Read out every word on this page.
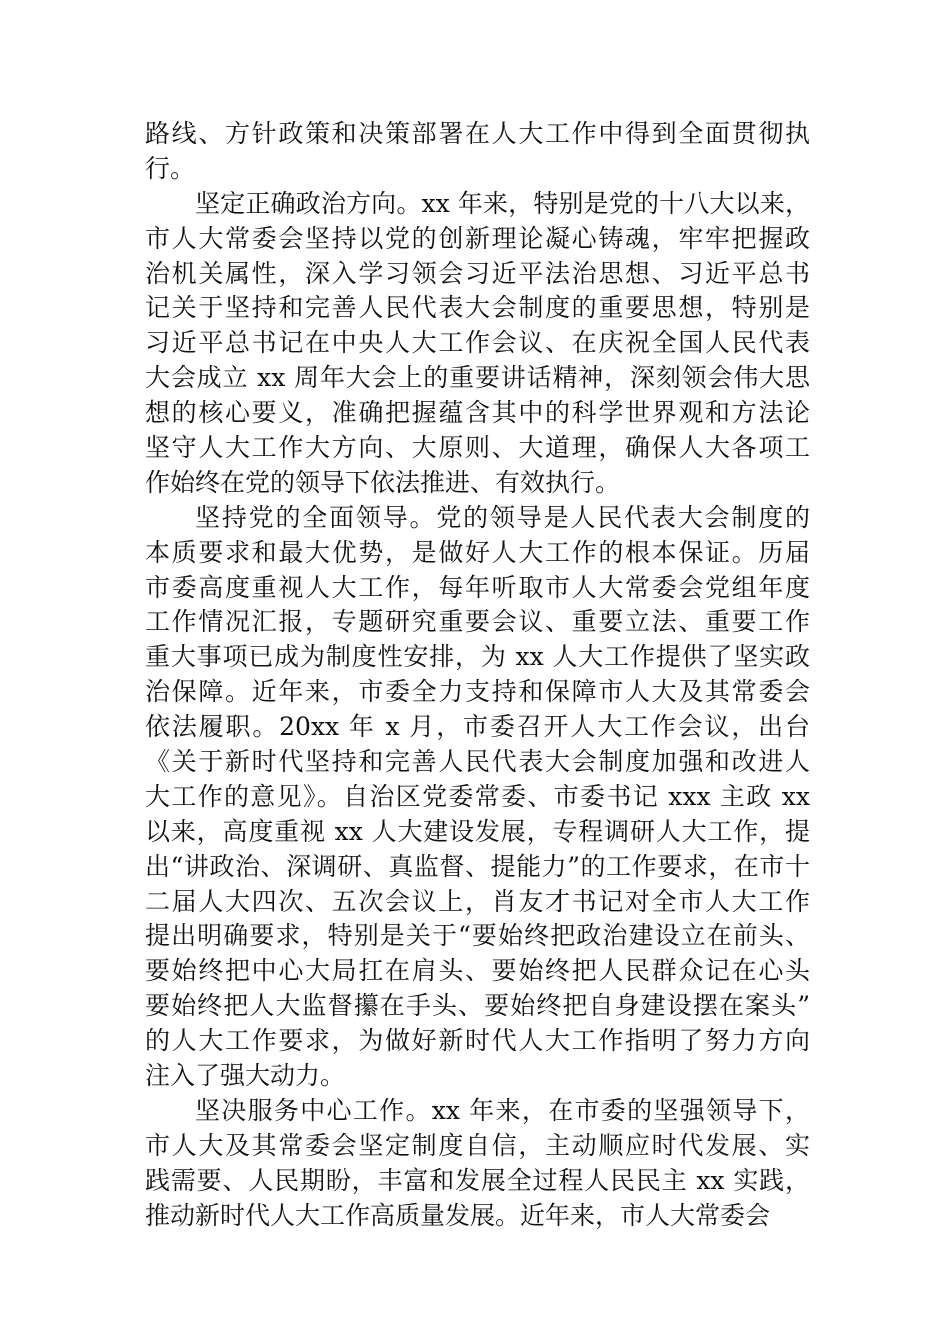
路线、方针政策和决策部署在人大工作中得到全面贯彻执
行。
坚定正确政治方向。xx 年来，特别是党的十八大以来，
市人大常委会坚持以党的创新理论凝心铸魂，牢牢把握政
治机关属性，深入学习领会习近平法治思想、习近平总书
记关于坚持和完善人民代表大会制度的重要思想，特别是
习近平总书记在中央人大工作会议、在庆祝全国人民代表
大会成立 xx 周年大会上的重要讲话精神，深刻领会伟大思
想的核心要义，准确把握蕴含其中的科学世界观和方法论
坚守人大工作大方向、大原则、大道理，确保人大各项工
作始终在党的领导下依法推进、有效执行。
坚持党的全面领导。党的领导是人民代表大会制度的
本质要求和最大优势，是做好人大工作的根本保证。历届
市委高度重视人大工作，每年听取市人大常委会党组年度
工作情况汇报，专题研究重要会议、重要立法、重要工作
重大事项已成为制度性安排，为 xx 人大工作提供了坚实政
治保障。近年来，市委全力支持和保障市人大及其常委会
依法履职。20xx 年 x 月，市委召开人大工作会议，出台
《关于新时代坚持和完善人民代表大会制度加强和改进人
大工作的意见》。自治区党委常委、市委书记 xxx 主政 xx
以来，高度重视 xx 人大建设发展，专程调研人大工作，提
出“讲政治、深调研、真监督、提能力”的工作要求，在市十
二届人大四次、五次会议上，肖友才书记对全市人大工作
提出明确要求，特别是关于“要始终把政治建设立在前头、
要始终把中心大局扛在肩头、要始终把人民群众记在心头
要始终把人大监督攥在手头、要始终把自身建设摆在案头”
的人大工作要求，为做好新时代人大工作指明了努力方向
注入了强大动力。
坚决服务中心工作。xx 年来，在市委的坚强领导下，
市人大及其常委会坚定制度自信，主动顺应时代发展、实
践需要、人民期盼，丰富和发展全过程人民民主 xx 实践，
推动新时代人大工作高质量发展。近年来，市人大常委会
